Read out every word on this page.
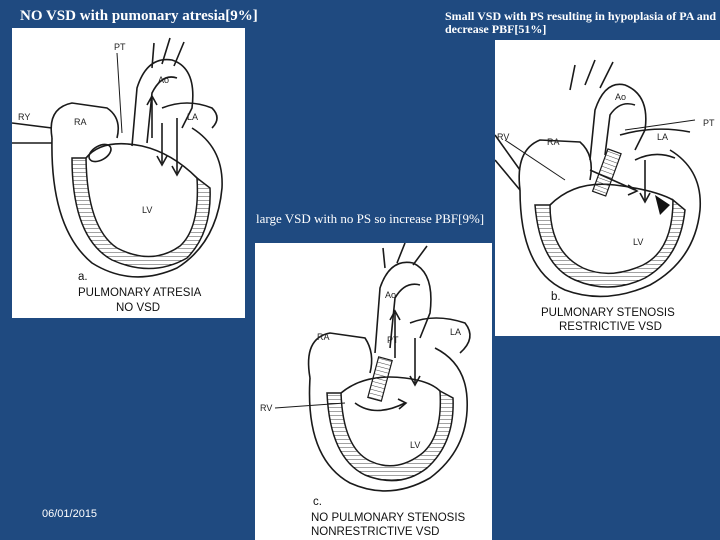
NO VSD with pumonary atresia[9%]	Small VSD with PS resulting in hypoplasia of PA and decrease PBF[51%]
large VSD with no PS so increase PBF[9%]
06/01/2015
PT
Ao
RY	RA	LA
LV
a.
PULMONARY ATRESIA
NO VSD
Ao
PT
RV	RA	LA
LV
b.
PULMONARY STENOSIS
RESTRICTIVE VSD
Ao
RA	PT
LA
RV
LV
c.
NO PULMONARY STENOSIS
NONRESTRICTIVE VSD
